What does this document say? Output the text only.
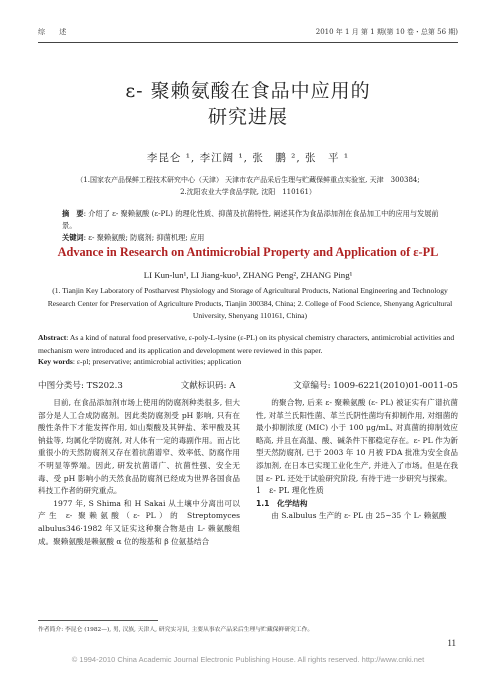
综 述	2010 年 1 月 第 1 期(第 10 卷・总第 56 期)
ε- 聚赖氨酸在食品中应用的
研究进展
李昆仑 ¹, 李江阔 ¹, 张　鹏 ², 张　平 ¹
（1.国家农产品保鲜工程技术研究中心（天津） 天津市农产品采后生理与贮藏保鲜重点实验室, 天津　300384;
2.沈阳农业大学食品学院, 沈阳　110161）
摘　要: 介绍了 ε- 聚赖氨酸 (ε-PL) 的理化性质、抑菌及抗菌特性, 阐述其作为食品添加剂在食品加工中的应用与发展前景。
关键词: ε- 聚赖氨酸; 防腐剂; 抑菌机理; 应用
Advance in Research on Antimicrobial Property and Application of ε-PL
LI Kun-lun¹, LI Jiang-kuo¹, ZHANG Peng², ZHANG Ping¹
(1. Tianjin Key Laboratory of Postharvest Physiology and Storage of Agricultural Products, National Engineering and Technology Research Center for Preservation of Agriculture Products, Tianjin 300384, China; 2. College of Food Science, Shenyang Agricultural University, Shenyang 110161, China)
Abstract: As a kind of natural food preservative, ε-poly-L-lysine (ε-PL) on its physical chemistry characters, antimicrobial activities and mechanism were introduced and its application and development were reviewed in this paper.
Key words: ε-pl; preservative; antimicrobial activities; application
中图分类号: TS202.3	文献标识码: A	文章编号: 1009-6221(2010)01-0011-05

目前, 在食品添加剂市场上使用的防腐剂种类很多, 但大部分是人工合成防腐剂。因此类防腐剂受 pH 影响, 只有在酸性条件下才能发挥作用, 如山梨酸及其钾盐、苯甲酸及其钠盐等, 均属化学防腐剂, 对人体有一定的毒副作用。而占比重很小的天然防腐剂又存在着抗菌谱窄、效率低、防腐作用不明显等弊端。因此, 研发抗菌谱广、抗菌性强、安全无毒、受 pH 影响小的天然食品防腐剂已经成为世界各国食品科技工作者的研究重点。

1977 年, S Shima 和 H Sakai 从土壤中分离出可以产生 ε- 聚赖氨酸（ε- PL）的 Streptomyces albulus346·1982 年又证实这种聚合物是由 L- 赖氨酸组成。聚赖氨酸是赖氨酸 α 位的羧基和 β 位氨基结合

的聚合物, 后来 ε- 聚赖氨酸 (ε- PL) 被证实有广谱抗菌性, 对革兰氏阳性菌、革兰氏阴性菌均有抑制作用, 对细菌的最小抑制浓度 (MIC) 小于 100 μg/mL, 对真菌的抑制效应略高, 并且在高温、酸、碱条件下都稳定存在。ε- PL 作为新型天然防腐剂, 已于 2003 年 10 月被 FDA 批准为安全食品添加剂, 在日本已实现工业化生产, 并进入了市场。但是在我国 ε- PL 还处于试验研究阶段, 有待于进一步研究与探索。

1　ε- PL 理化性质

1.1　化学结构

由 S.albulus 生产的 ε- PL 由 25~35 个 L- 赖氨酸

作者简介: 李昆仑 (1982—), 男, 汉族, 天津人, 研究实习员, 主要从事农产品采后生理与贮藏保鲜研究工作。
11
© 1994-2010 China Academic Journal Electronic Publishing House. All rights reserved. http://www.cnki.net
